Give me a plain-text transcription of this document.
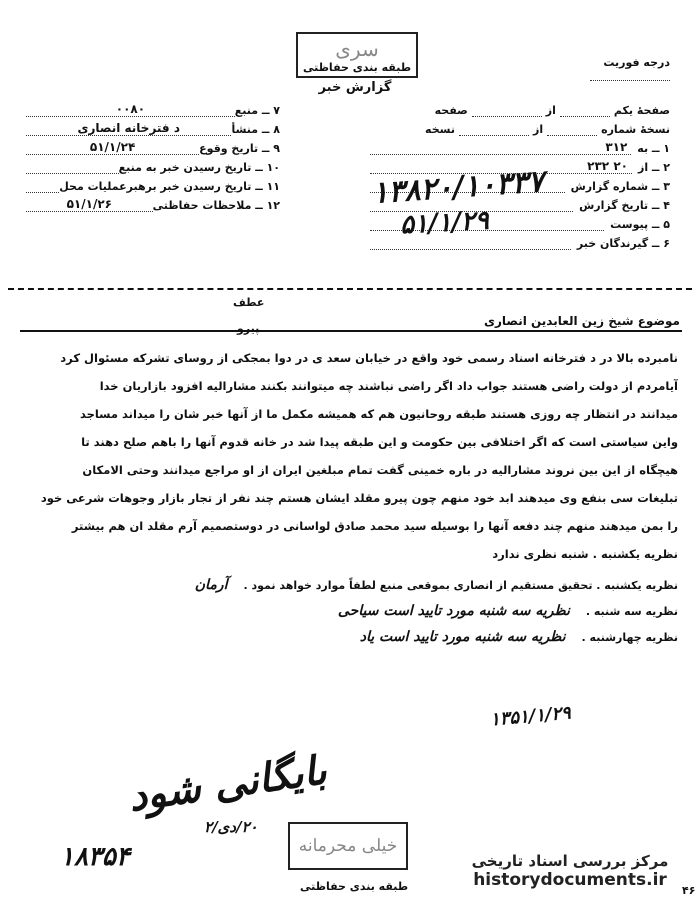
سری
طبقه بندی حفاظتی
گزارش خبر
درجه فوریت
۷ ــ منبع
۰۰۸۰
۸ ــ منشأ
د فترخانه انصاری
۹ ــ تاریخ وقوع
۵۱/۱/۲۴
۱۰ ــ تاریخ رسیدن خبر به منبع
۱۱ ــ تاریخ رسیدن خبر برهبرعملیات محل
۱۲ ــ ملاحظات حفاظتی
۵۱/۱/۲۶
صفحهٔ یکم
از
صفحه
نسخهٔ شماره
از
نسخه
۱ ــ به
۳۱۲
۲ ــ از
۲۰ ۲۳۲
۳ ــ شماره گزارش
۴ ــ تاریخ گزارش
۵ ــ پیوست
۶ ــ گیرندگان خبر
۱۳۸۲۰/۱۰۳۳۷
۵۱/۱/۲۹
عطف
پیرو
موضوع شیخ زین العابدین انصاری
نامبرده بالا در د فترخانه اسناد رسمی خود واقع در خیابان سعد ی در دوا بمجکی از روسای تشرکه مسئوال کرد
آیامردم از دولت راضی هستند جواب داد اگر راضی نباشند چه میتوانند بکنند مشارالیه افزود بازاریان خدا
میدانند در انتظار چه روزی هستند طبقه روحانیون هم که همیشه مکمل ما از آنها خبر شان را میداند مساجد
واین سیاستی است که اگر اختلافی بین حکومت و این طبقه پیدا شد در خانه قدوم آنها را باهم صلح دهند تا
هیچگاه از این بین نروند مشارالیه در باره خمینی گفت تمام مبلغین ایران از او مراجع میدانند وحتی الامکان
تبلیغات سی بنفع وی میدهند ابد خود منهم چون پیرو مقلد ایشان هستم چند نفر از تجار بازار وجوهات شرعی خود
را بمن میدهند منهم چند دفعه آنها را بوسیله سید محمد صادق لواسانی در دوستصمیم آرم مقلد ان هم بیشتر
نظریه یکشنبه . شنبه نظری ندارد
نظریه یکشنبه . تحقیق مستقیم از انصاری بموقعی منبع لطفاً موارد خواهد نمود .
آرمان
نظریه سه شنبه .
نظریه سه شنبه مورد تایید است سیاحی
نظریه چهارشنبه .
نظریه سه شنبه مورد تایید است یاد
۱۳۵۱/۱/۲۹
بایگانی شود
۲۰/دی/۲
۱۸۳۵۴	خیلی محرمانه
طبقه بندی حفاظتی
مرکز بررسی اسناد تاریخی
historydocuments.ir
۴۶
